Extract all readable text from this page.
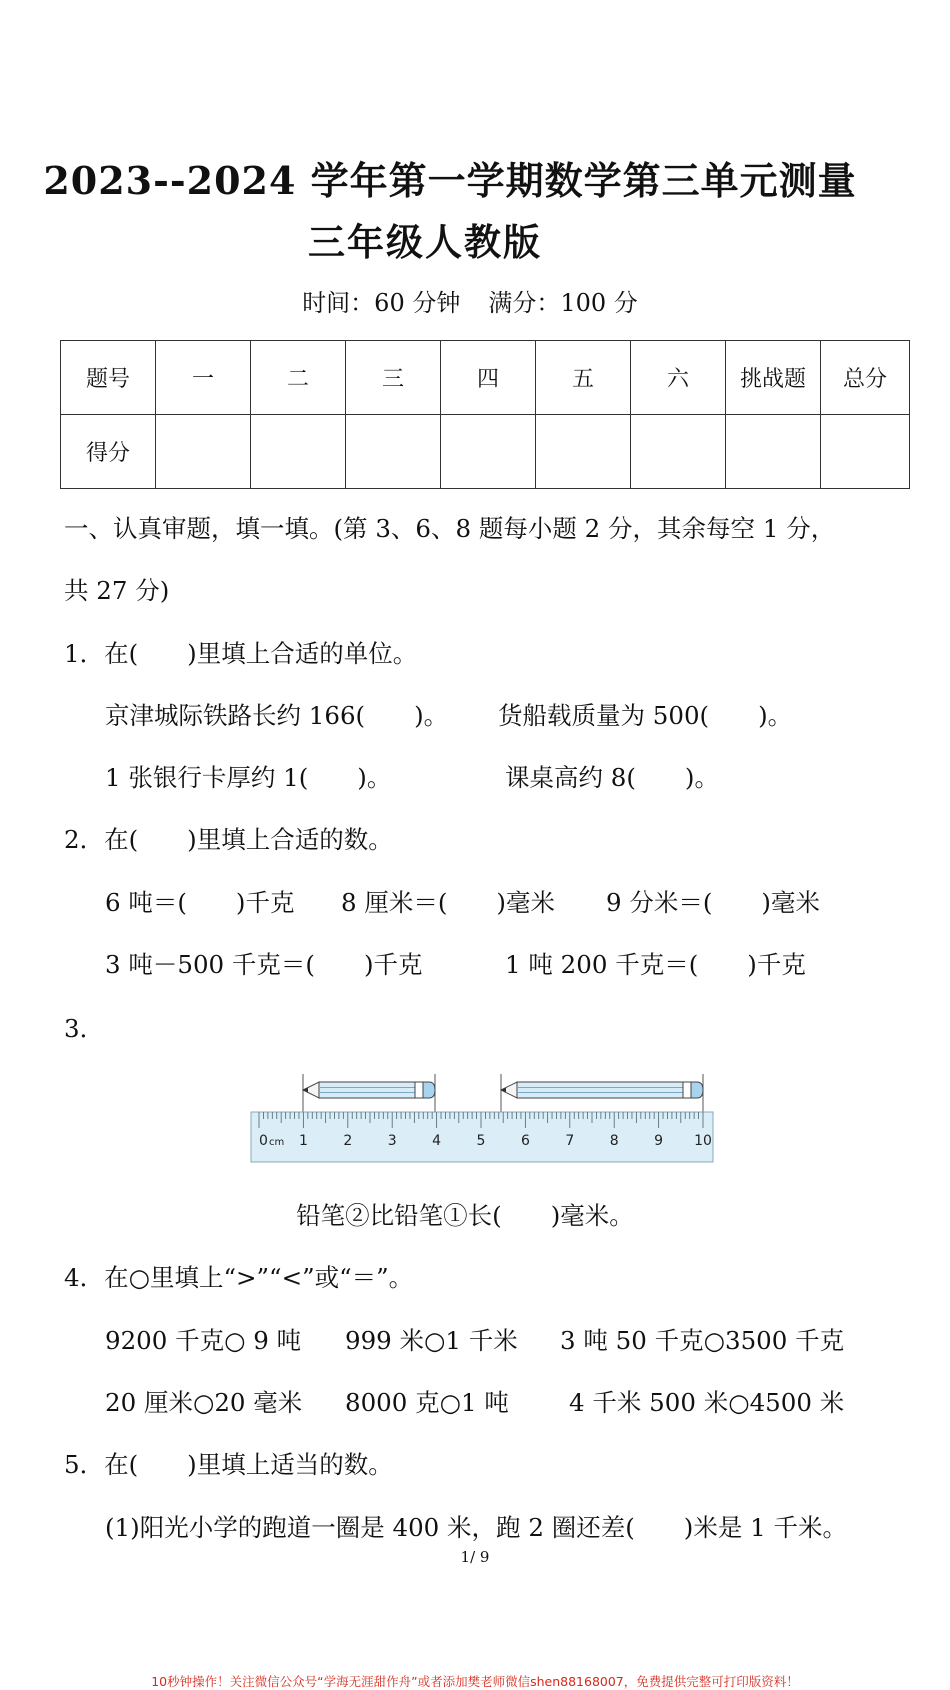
2023--2024 学年第一学期数学第三单元测量
三年级人教版
时间：60 分钟 满分：100 分
题号	一	二	三	四	五	六	挑战题	总分
得分								
一、认真审题，填一填。(第 3、6、8 题每小题 2 分，其余每空 1 分，
共 27 分)
1．在(　　)里填上合适的单位。
京津城际铁路长约 166(　　)。 货船载质量为 500(　　)。
1 张银行卡厚约 1(　　)。	课桌高约 8(　　)。
2．在(　　)里填上合适的数。
6 吨＝(　　)千克 8 厘米＝(　　)毫米 9 分米＝(　　)毫米
3 吨－500 千克＝(　　)千克	1 吨 200 千克＝(　　)千克
3．
0 1	2	3	4	5	6	7	8	9 10
cm
铅笔②比铅笔①长(　　)毫米。
4．在○里填上“>”“<”或“＝”。
9200 千克○ 9 吨 999 米○1 千米 3 吨 50 千克○3500 千克
20 厘米○20 毫米 8000 克○1 吨 4 千米 500 米○4500 米
5．在(　　)里填上适当的数。
(1)阳光小学的跑道一圈是 400 米，跑 2 圈还差(　　)米是 1 千米。
1/ 9
10秒钟操作！关注微信公众号“学海无涯甜作舟”或者添加樊老师微信shen88168007，免费提供完整可打印版资料！
